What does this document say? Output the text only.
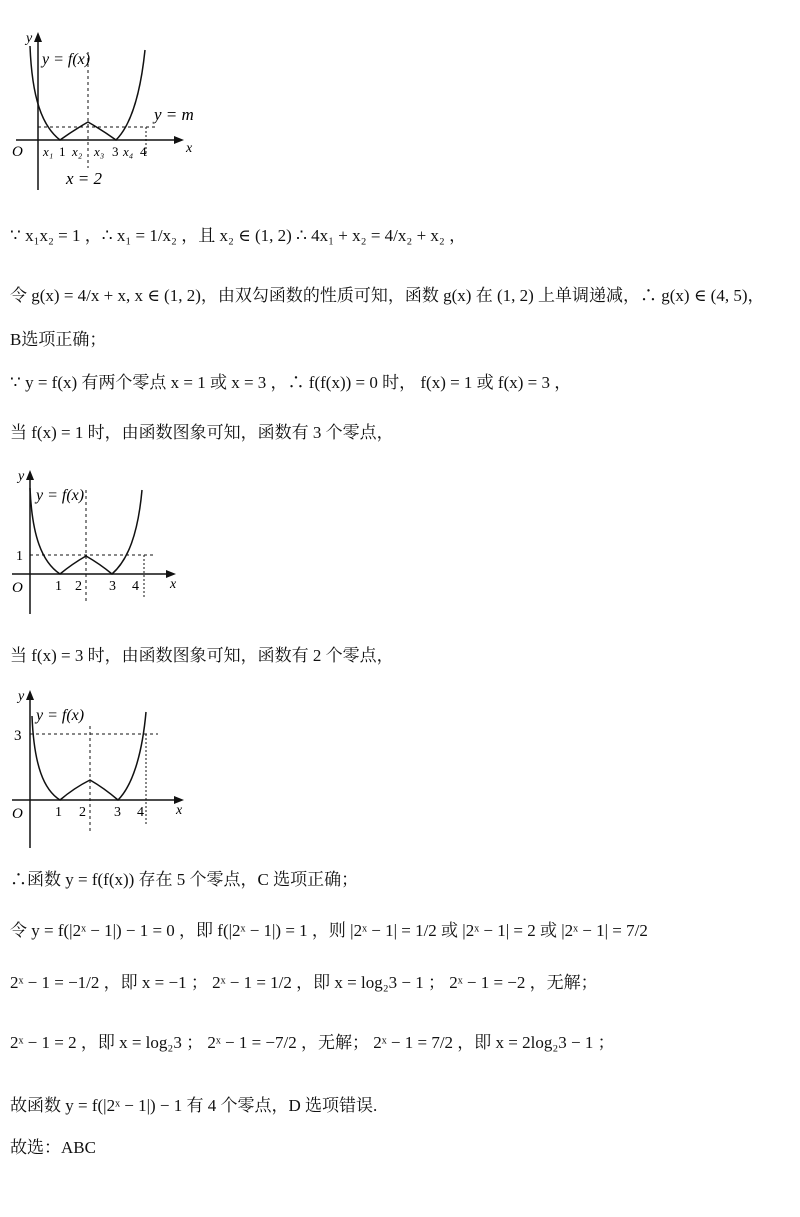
y
x
O
y = f(x)
y = m
x = 2
x₁ 1 x₂ x₃ 3 x₄ 4
∵ x₁x₂ = 1 ，∴ x₁ = 1/x₂ ，且 x₂ ∈ (1, 2) ∴ 4x₁ + x₂ = 4/x₂ + x₂ ，
令 g(x) = 4/x + x, x ∈ (1, 2)，由双勾函数的性质可知，函数 g(x) 在 (1, 2) 上单调递减，∴ g(x) ∈ (4, 5)，
B选项正确；
∵ y = f(x) 有两个零点 x = 1 或 x = 3 ，∴ f(f(x)) = 0 时， f(x) = 1 或 f(x) = 3 ，
当 f(x) = 1 时，由函数图象可知，函数有 3 个零点，
y
x
O
y = f(x)
1
1 2 3 4
当 f(x) = 3 时，由函数图象可知，函数有 2 个零点，
y
x
O
y = f(x)
3
1 2 3 4
∴函数 y = f(f(x)) 存在 5 个零点，C 选项正确；
令 y = f(|2ˣ − 1|) − 1 = 0 ，即 f(|2ˣ − 1|) = 1 ，则 |2ˣ − 1| = 1/2 或 |2ˣ − 1| = 2 或 |2ˣ − 1| = 7/2
2ˣ − 1 = −1/2 ，即 x = −1 ； 2ˣ − 1 = 1/2 ，即 x = log₂3 − 1 ； 2ˣ − 1 = −2 ，无解；
2ˣ − 1 = 2 ，即 x = log₂3 ； 2ˣ − 1 = −7/2 ，无解； 2ˣ − 1 = 7/2 ，即 x = 2log₂3 − 1 ；
故函数 y = f(|2ˣ − 1|) − 1 有 4 个零点，D 选项错误.
故选：ABC
